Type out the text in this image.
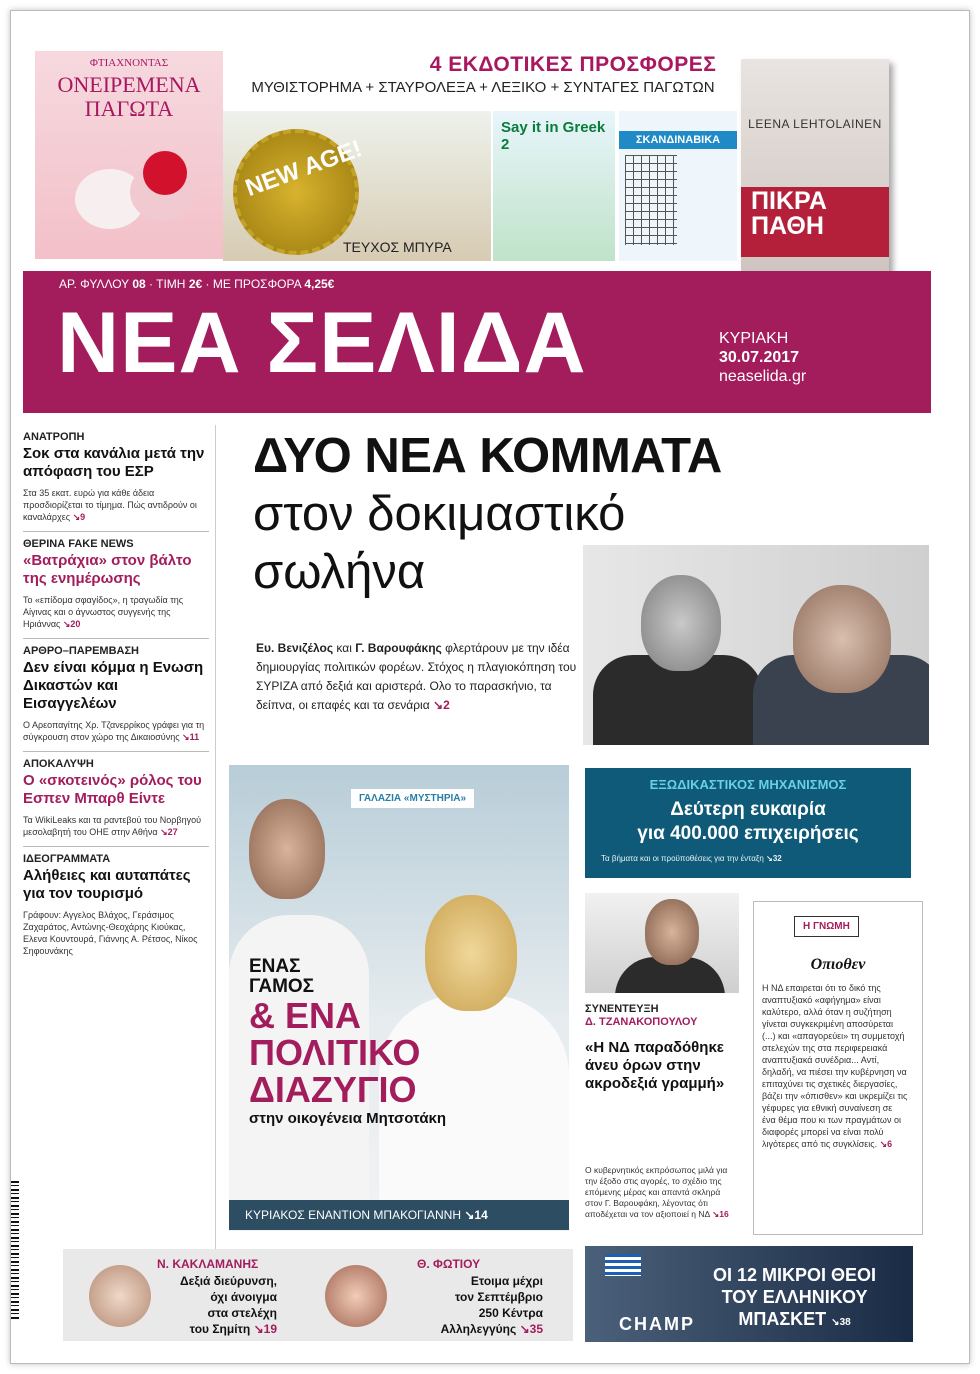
4 ΕΚΔΟΤΙΚΕΣ ΠΡΟΣΦΟΡΕΣ
ΜΥΘΙΣΤΟΡΗΜΑ + ΣΤΑΥΡΟΛΕΞΑ + ΛΕΞΙΚΟ + ΣΥΝΤΑΓΕΣ ΠΑΓΩΤΩΝ
ΦΤΙΑΧΝΟΝΤΑΣ
ΟΝΕΙΡΕΜΕΝΑ ΠΑΓΩΤΑ
NEW AGE!
ΤΕΥΧΟΣ ΜΠΥΡΑ
Say it in Greek 2	ΣΚΑΝΔΙΝΑΒΙΚΑ
LEENA LEHTOLAINEN
ΠΙΚΡΑ ΠΑΘΗ
ΑΡ. ΦΥΛΛΟΥ 08 · ΤΙΜΗ 2€ · ΜΕ ΠΡΟΣΦΟΡΑ 4,25€
ΝΕΑ ΣΕΛΙΔΑ	ΚΥΡΙΑΚΗ
30.07.2017
neaselida.gr
ΑΝΑΤΡΟΠΗ
Σοκ στα κανάλια μετά την απόφαση του ΕΣΡ
Στα 35 εκατ. ευρώ για κάθε άδεια προσδιορίζεται το τίμημα. Πώς αντιδρούν οι καναλάρχες ↘9
ΘΕΡΙΝΑ FAKE NEWS
«Βατράχια» στον βάλτο της ενημέρωσης
Το «επίδομα σφαγίδος», η τραγωδία της Αίγινας και ο άγνωστος συγγενής της Ηριάννας ↘20
ΑΡΘΡΟ–ΠΑΡΕΜΒΑΣΗ
Δεν είναι κόμμα η Ενωση Δικαστών και Εισαγγελέων
Ο Αρεοπαγίτης Χρ. Τζανερρίκος γράφει για τη σύγκρουση στον χώρο της Δικαιοσύνης ↘11
ΑΠΟΚΑΛΥΨΗ
Ο «σκοτεινός» ρόλος του Εσπεν Μπαρθ Είντε
Τα WikiLeaks και τα ραντεβού του Νορβηγού μεσολαβητή του ΟΗΕ στην Αθήνα ↘27
ΙΔΕΟΓΡΑΜΜΑΤΑ
Αλήθειες και αυταπάτες για τον τουρισμό
Γράφουν: Αγγελος Βλάχος, Γεράσιμος Ζαχαράτος, Αντώνης-Θεοχάρης Κιούκας, Ελενα Κουντουρά, Γιάννης Α. Ρέτσος, Νίκος Σηφουνάκης
ΔΥΟ ΝΕΑ ΚΟΜΜΑΤΑ
στον δοκιμαστικό
σωλήνα
Ευ. Βενιζέλος και Γ. Βαρουφάκης φλερτάρουν με την ιδέα δημιουργίας πολιτικών φορέων. Στόχος η πλαγιοκόπηση του ΣΥΡΙΖΑ από δεξιά και αριστερά. Ολο το παρασκήνιο, τα δείπνα, οι επαφές και τα σενάρια ↘2
ΓΑΛΑΖΙΑ «ΜΥΣΤΗΡΙΑ»
ΕΝΑΣ
ΓΑΜΟΣ
& ΕΝΑ
ΠΟΛΙΤΙΚΟ
ΔΙΑΖΥΓΙΟ
στην οικογένεια Μητσοτάκη
ΚΥΡΙΑΚΟΣ ΕΝΑΝΤΙΟΝ ΜΠΑΚΟΓΙΑΝΝΗ ↘14
ΕΞΩΔΙΚΑΣΤΙΚΟΣ ΜΗΧΑΝΙΣΜΟΣ
Δεύτερη ευκαιρία
για 400.000 επιχειρήσεις
Τα βήματα και οι προϋποθέσεις για την ένταξη ↘32
ΣΥΝΕΝΤΕΥΞΗ
Δ. ΤΖΑΝΑΚΟΠΟΥΛΟΥ
«Η ΝΔ παραδόθηκε άνευ όρων στην ακροδεξιά γραμμή»
Ο κυβερνητικός εκπρόσωπος μιλά για την έξοδο στις αγορές, το σχέδιο της επόμενης μέρας και απαντά σκληρά στον Γ. Βαρουφάκη, λέγοντας ότι αποδέχεται να τον αξιοποιεί η ΝΔ ↘16
Η ΓΝΩΜΗ
Οπιοθεν
Η ΝΔ επαιρεται ότι το δικό της αναπτυξιακό «αφήγημα» είναι καλύτερο, αλλά όταν η συζήτηση γίνεται συγκεκριμένη αποσύρεται (...) και «απαγορεύει» τη συμμετοχή στελεχών της στα περιφερειακά αναπτυξιακά συνέδρια... Αντί, δηλαδή, να πιέσει την κυβέρνηση να επιταχύνει τις σχετικές διεργασίες, βάζει την «όπισθεν» και υκρεμίζει τις γέφυρες για εθνική συναίνεση σε ένα θέμα που κι των πραγμάτων οι διαφορές μπορεί να είναι πολύ λιγότερες από τις συγκλίσεις. ↘6
Ν. ΚΑΚΛΑΜΑΝΗΣ
Δεξιά διεύρυνση,
όχι άνοιγμα
στα στελέχη
του Σημίτη ↘19
Θ. ΦΩΤΙΟΥ
Ετοιμα μέχρι
τον Σεπτέμβριο
250 Κέντρα
Αλληλεγγύης ↘35	CHAMP
ΟΙ 12 ΜΙΚΡΟΙ ΘΕΟΙ
ΤΟΥ ΕΛΛΗΝΙΚΟΥ
ΜΠΑΣΚΕΤ ↘38
